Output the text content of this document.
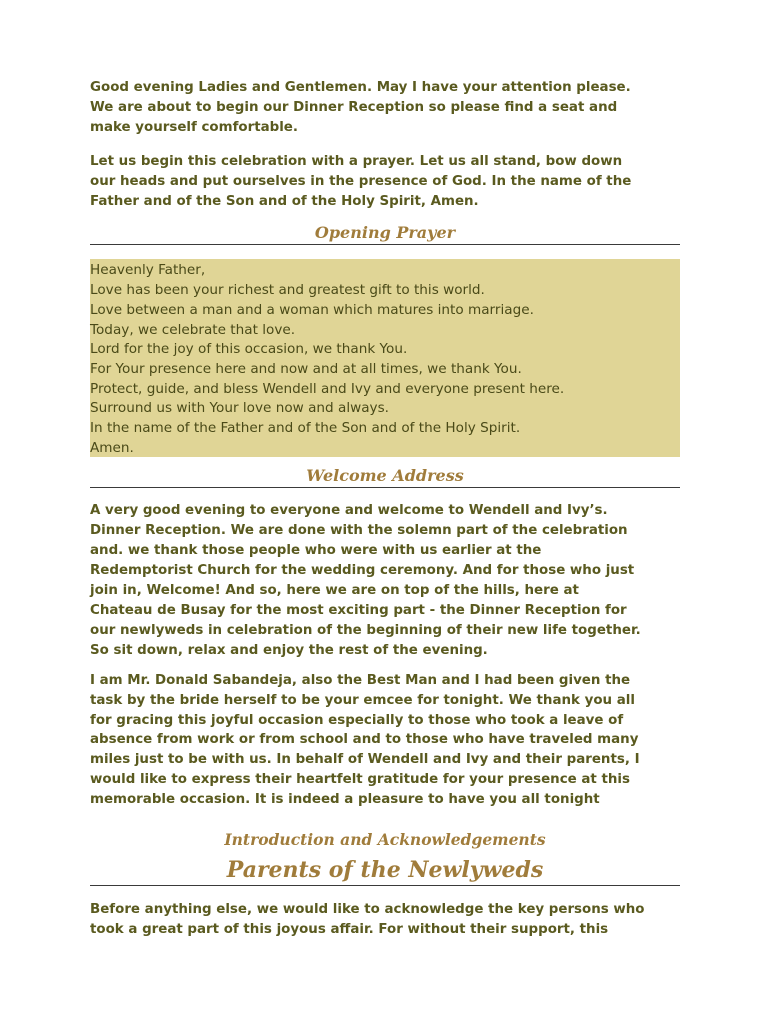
Good evening Ladies and Gentlemen. May I have your attention please.
We are about to begin our Dinner Reception so please find a seat and
make yourself comfortable.

Let us begin this celebration with a prayer. Let us all stand, bow down
our heads and put ourselves in the presence of God. In the name of the
Father and of the Son and of the Holy Spirit, Amen.

Opening Prayer
Heavenly Father,
Love has been your richest and greatest gift to this world.
Love between a man and a woman which matures into marriage.
Today, we celebrate that love.
Lord for the joy of this occasion, we thank You.
For Your presence here and now and at all times, we thank You.
Protect, guide, and bless Wendell and Ivy and everyone present here.
Surround us with Your love now and always.
In the name of the Father and of the Son and of the Holy Spirit.
Amen.
Welcome Address

A very good evening to everyone and welcome to Wendell and Ivy’s.
Dinner Reception. We are done with the solemn part of the celebration
and. we thank those people who were with us earlier at the
Redemptorist Church for the wedding ceremony. And for those who just
join in, Welcome! And so, here we are on top of the hills, here at
Chateau de Busay for the most exciting part - the Dinner Reception for
our newlyweds in celebration of the beginning of their new life together.
So sit down, relax and enjoy the rest of the evening.

I am Mr. Donald Sabandeja, also the Best Man and I had been given the
task by the bride herself to be your emcee for tonight. We thank you all
for gracing this joyful occasion especially to those who took a leave of
absence from work or from school and to those who have traveled many
miles just to be with us. In behalf of Wendell and Ivy and their parents, I
would like to express their heartfelt gratitude for your presence at this
memorable occasion. It is indeed a pleasure to have you all tonight

Introduction and Acknowledgements
Parents of the Newlyweds

Before anything else, we would like to acknowledge the key persons who
took a great part of this joyous affair. For without their support, this
